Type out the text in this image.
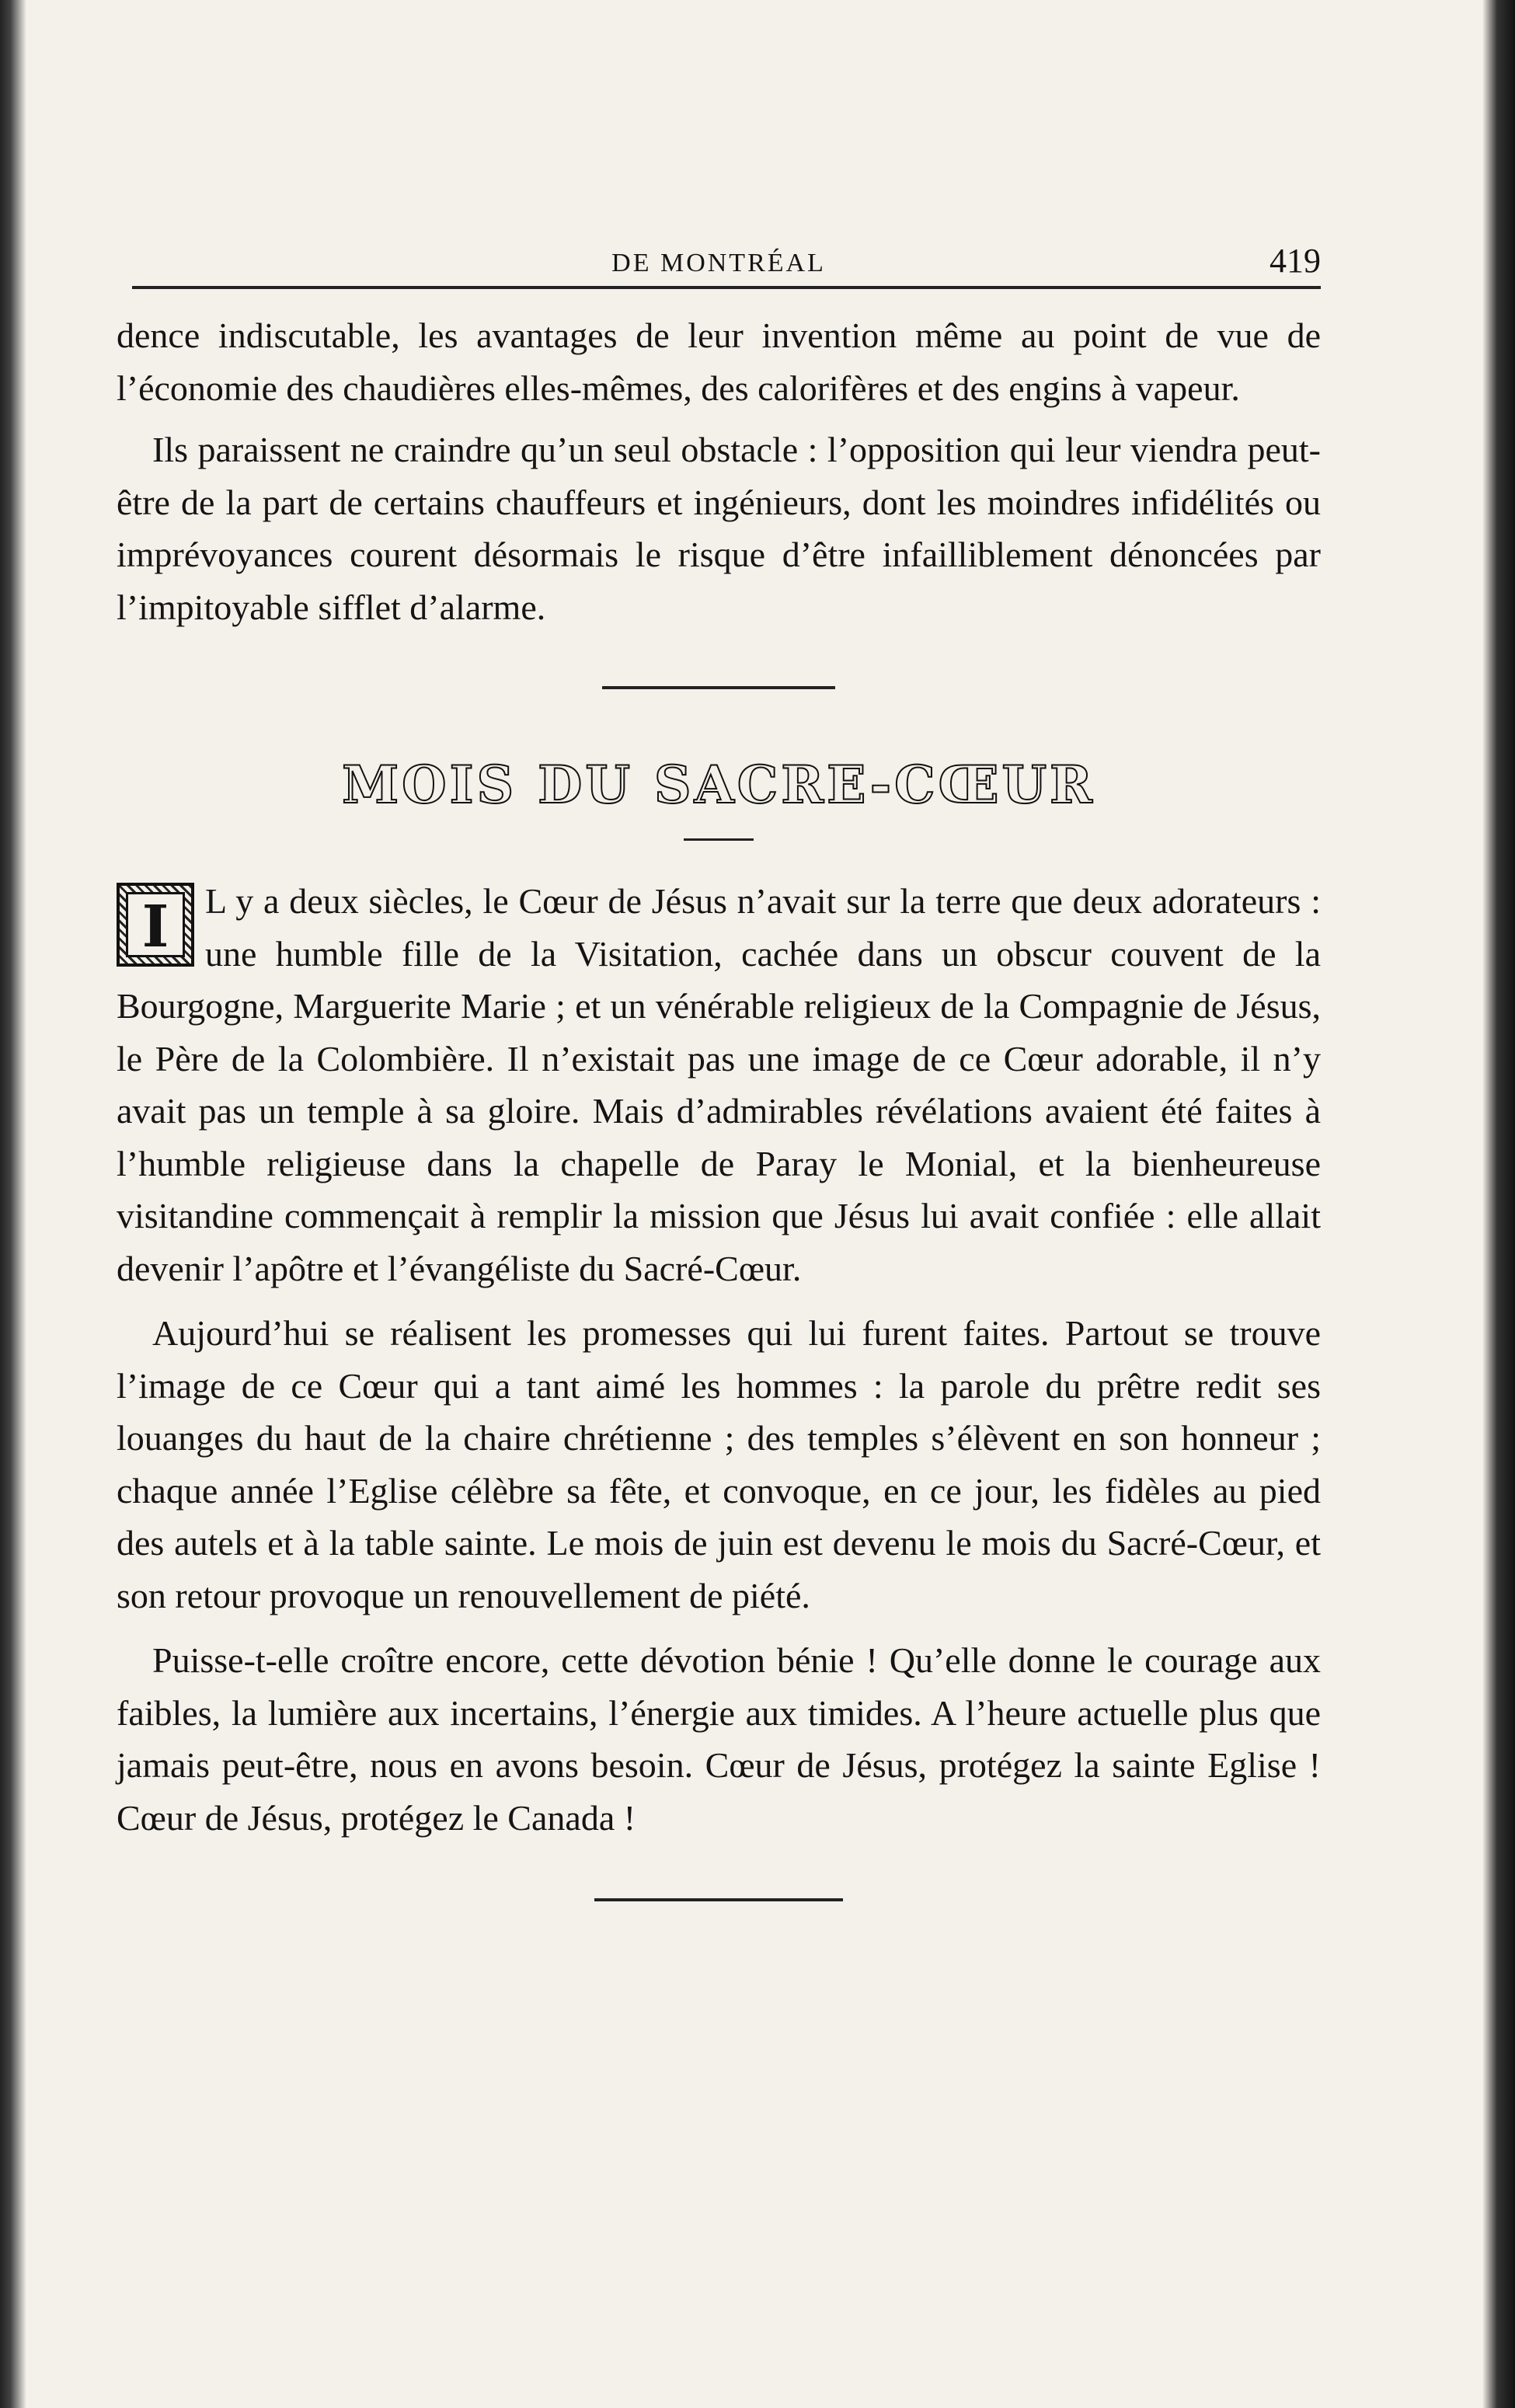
DE MONTRÉAL	419

dence indiscutable, les avantages de leur invention même au point de vue de l’économie des chaudières elles-mêmes, des calorifères et des engins à vapeur.

Ils paraissent ne craindre qu’un seul obstacle : l’opposition qui leur viendra peut-être de la part de certains chauffeurs et ingénieurs, dont les moindres infidélités ou imprévoyances courent désormais le risque d’être infailliblement dénoncées par l’impitoyable sifflet d’alarme.

MOIS DU SACRE-CŒUR
I	L y a deux siècles, le Cœur de Jésus n’avait sur la terre que deux adorateurs : une humble fille de la Visitation, cachée dans un obscur couvent de la Bourgogne, Marguerite Marie ; et un vénérable religieux de la Compagnie de Jésus, le Père de la Colombière. Il n’existait pas une image de ce Cœur adorable, il n’y avait pas un temple à sa gloire. Mais d’admirables révélations avaient été faites à l’humble religieuse dans la chapelle de Paray le Monial, et la bienheureuse visitandine commençait à remplir la mission que Jésus lui avait confiée : elle allait devenir l’apôtre et l’évangéliste du Sacré-Cœur.

Aujourd’hui se réalisent les promesses qui lui furent faites. Partout se trouve l’image de ce Cœur qui a tant aimé les hommes : la parole du prêtre redit ses louanges du haut de la chaire chrétienne ; des temples s’élèvent en son honneur ; chaque année l’Eglise célèbre sa fête, et convoque, en ce jour, les fidèles au pied des autels et à la table sainte. Le mois de juin est devenu le mois du Sacré-Cœur, et son retour provoque un renouvellement de piété.

Puisse-t-elle croître encore, cette dévotion bénie ! Qu’elle donne le courage aux faibles, la lumière aux incertains, l’énergie aux timides. A l’heure actuelle plus que jamais peut-être, nous en avons besoin. Cœur de Jésus, protégez la sainte Eglise ! Cœur de Jésus, protégez le Canada !
